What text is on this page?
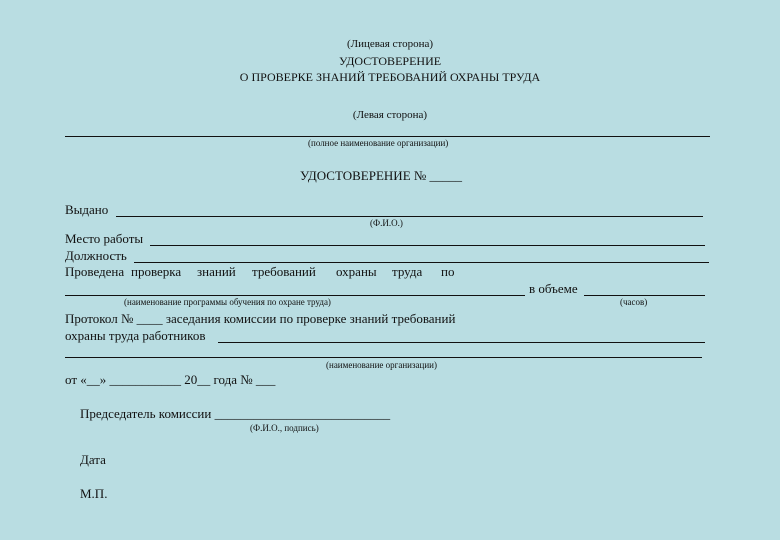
(Лицевая сторона)
УДОСТОВЕРЕНИЕ
О ПРОВЕРКЕ ЗНАНИЙ ТРЕБОВАНИЙ ОХРАНЫ ТРУДА
(Левая сторона)
(полное наименование организации)
УДОСТОВЕРЕНИЕ № _____
Выдано
(Ф.И.О.)
Место работы
Должность
Проведена проверка знаний требований охраны труда по
в объеме
(наименование программы обучения по охране труда)	(часов)
Протокол № ____ заседания комиссии по проверке знаний требований
охраны труда работников
(наименование организации)
от «__» ___________ 20__ года № ___
Председатель комиссии ___________________________
(Ф.И.О., подпись)
Дата
М.П.
